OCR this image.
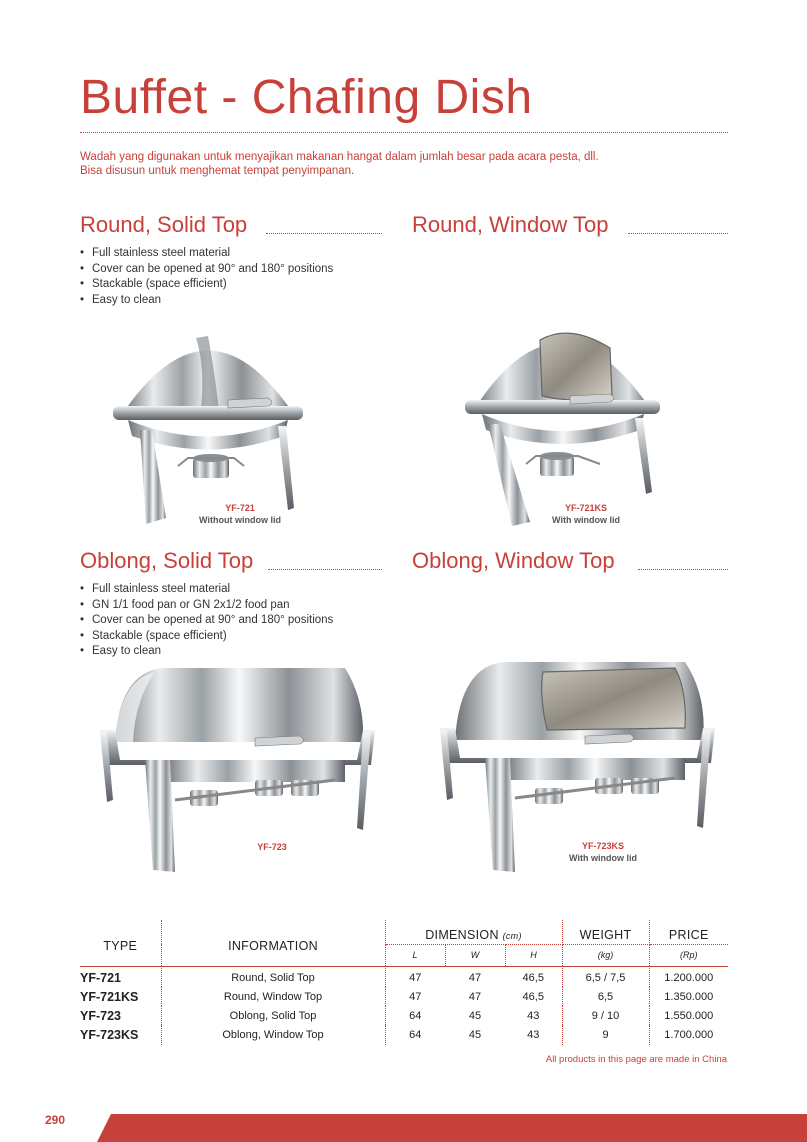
Buffet - Chafing Dish
Wadah yang digunakan untuk menyajikan makanan hangat dalam jumlah besar pada acara pesta, dll.
Bisa disusun untuk menghemat tempat penyimpanan.
Round, Solid Top
• Full stainless steel material
• Cover can be opened at 90° and 180° positions
• Stackable (space efficient)
• Easy to clean
YF-721
Without window lid
Round, Window Top
YF-721KS
With window lid
Oblong, Solid Top
• Full stainless steel material
• GN 1/1 food pan or GN 2x1/2 food pan
• Cover can be opened at 90° and 180° positions
• Stackable (space efficient)
• Easy to clean
YF-723
Oblong, Window Top
YF-723KS
With window lid
TYPE	INFORMATION	DIMENSION (cm)			WEIGHT	PRICE
		L	W	H	(kg)	(Rp)

YF-721	Round, Solid Top	47	47	46,5	6,5 / 7,5	1.200.000
YF-721KS	Round, Window Top	47	47	46,5	6,5	1.350.000
YF-723	Oblong, Solid Top	64	45	43	9 / 10	1.550.000
YF-723KS	Oblong, Window Top	64	45	43	9	1.700.000
All products in this page are made in China
290
